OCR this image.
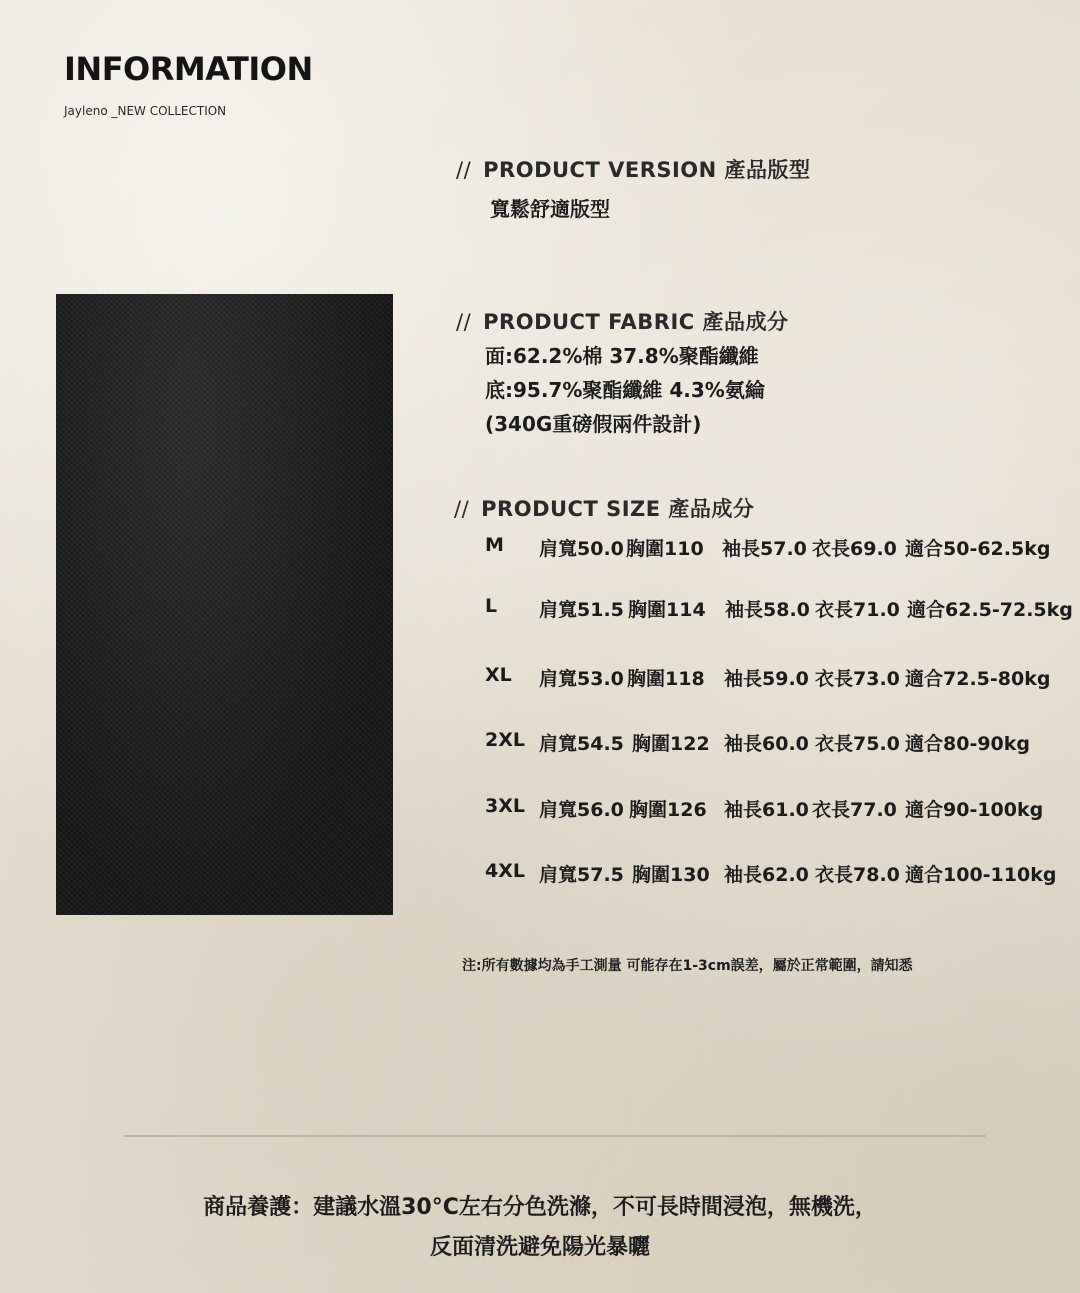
INFORMATION
Jayleno _NEW COLLECTION
// PRODUCT VERSION 產品版型
寬鬆舒適版型
// PRODUCT FABRIC 產品成分
面:62.2%棉 37.8%聚酯纖維
底:95.7%聚酯纖維 4.3%氨綸
(340G重磅假兩件設計)
// PRODUCT SIZE 產品成分
M 肩寬50.0 胸圍110 袖長57.0 衣長69.0 適合50-62.5kg
L 肩寬51.5 胸圍114 袖長58.0 衣長71.0 適合62.5-72.5kg
XL 肩寬53.0 胸圍118 袖長59.0 衣長73.0 適合72.5-80kg
2XL 肩寬54.5 胸圍122 袖長60.0 衣長75.0 適合80-90kg
3XL 肩寬56.0 胸圍126 袖長61.0 衣長77.0 適合90-100kg
4XL 肩寬57.5 胸圍130 袖長62.0 衣長78.0 適合100-110kg
注:所有數據均為手工測量 可能存在1-3cm誤差，屬於正常範圍，請知悉
商品養護：建議水溫30°C左右分色洗滌，不可長時間浸泡，無機洗，
反面清洗避免陽光暴曬
